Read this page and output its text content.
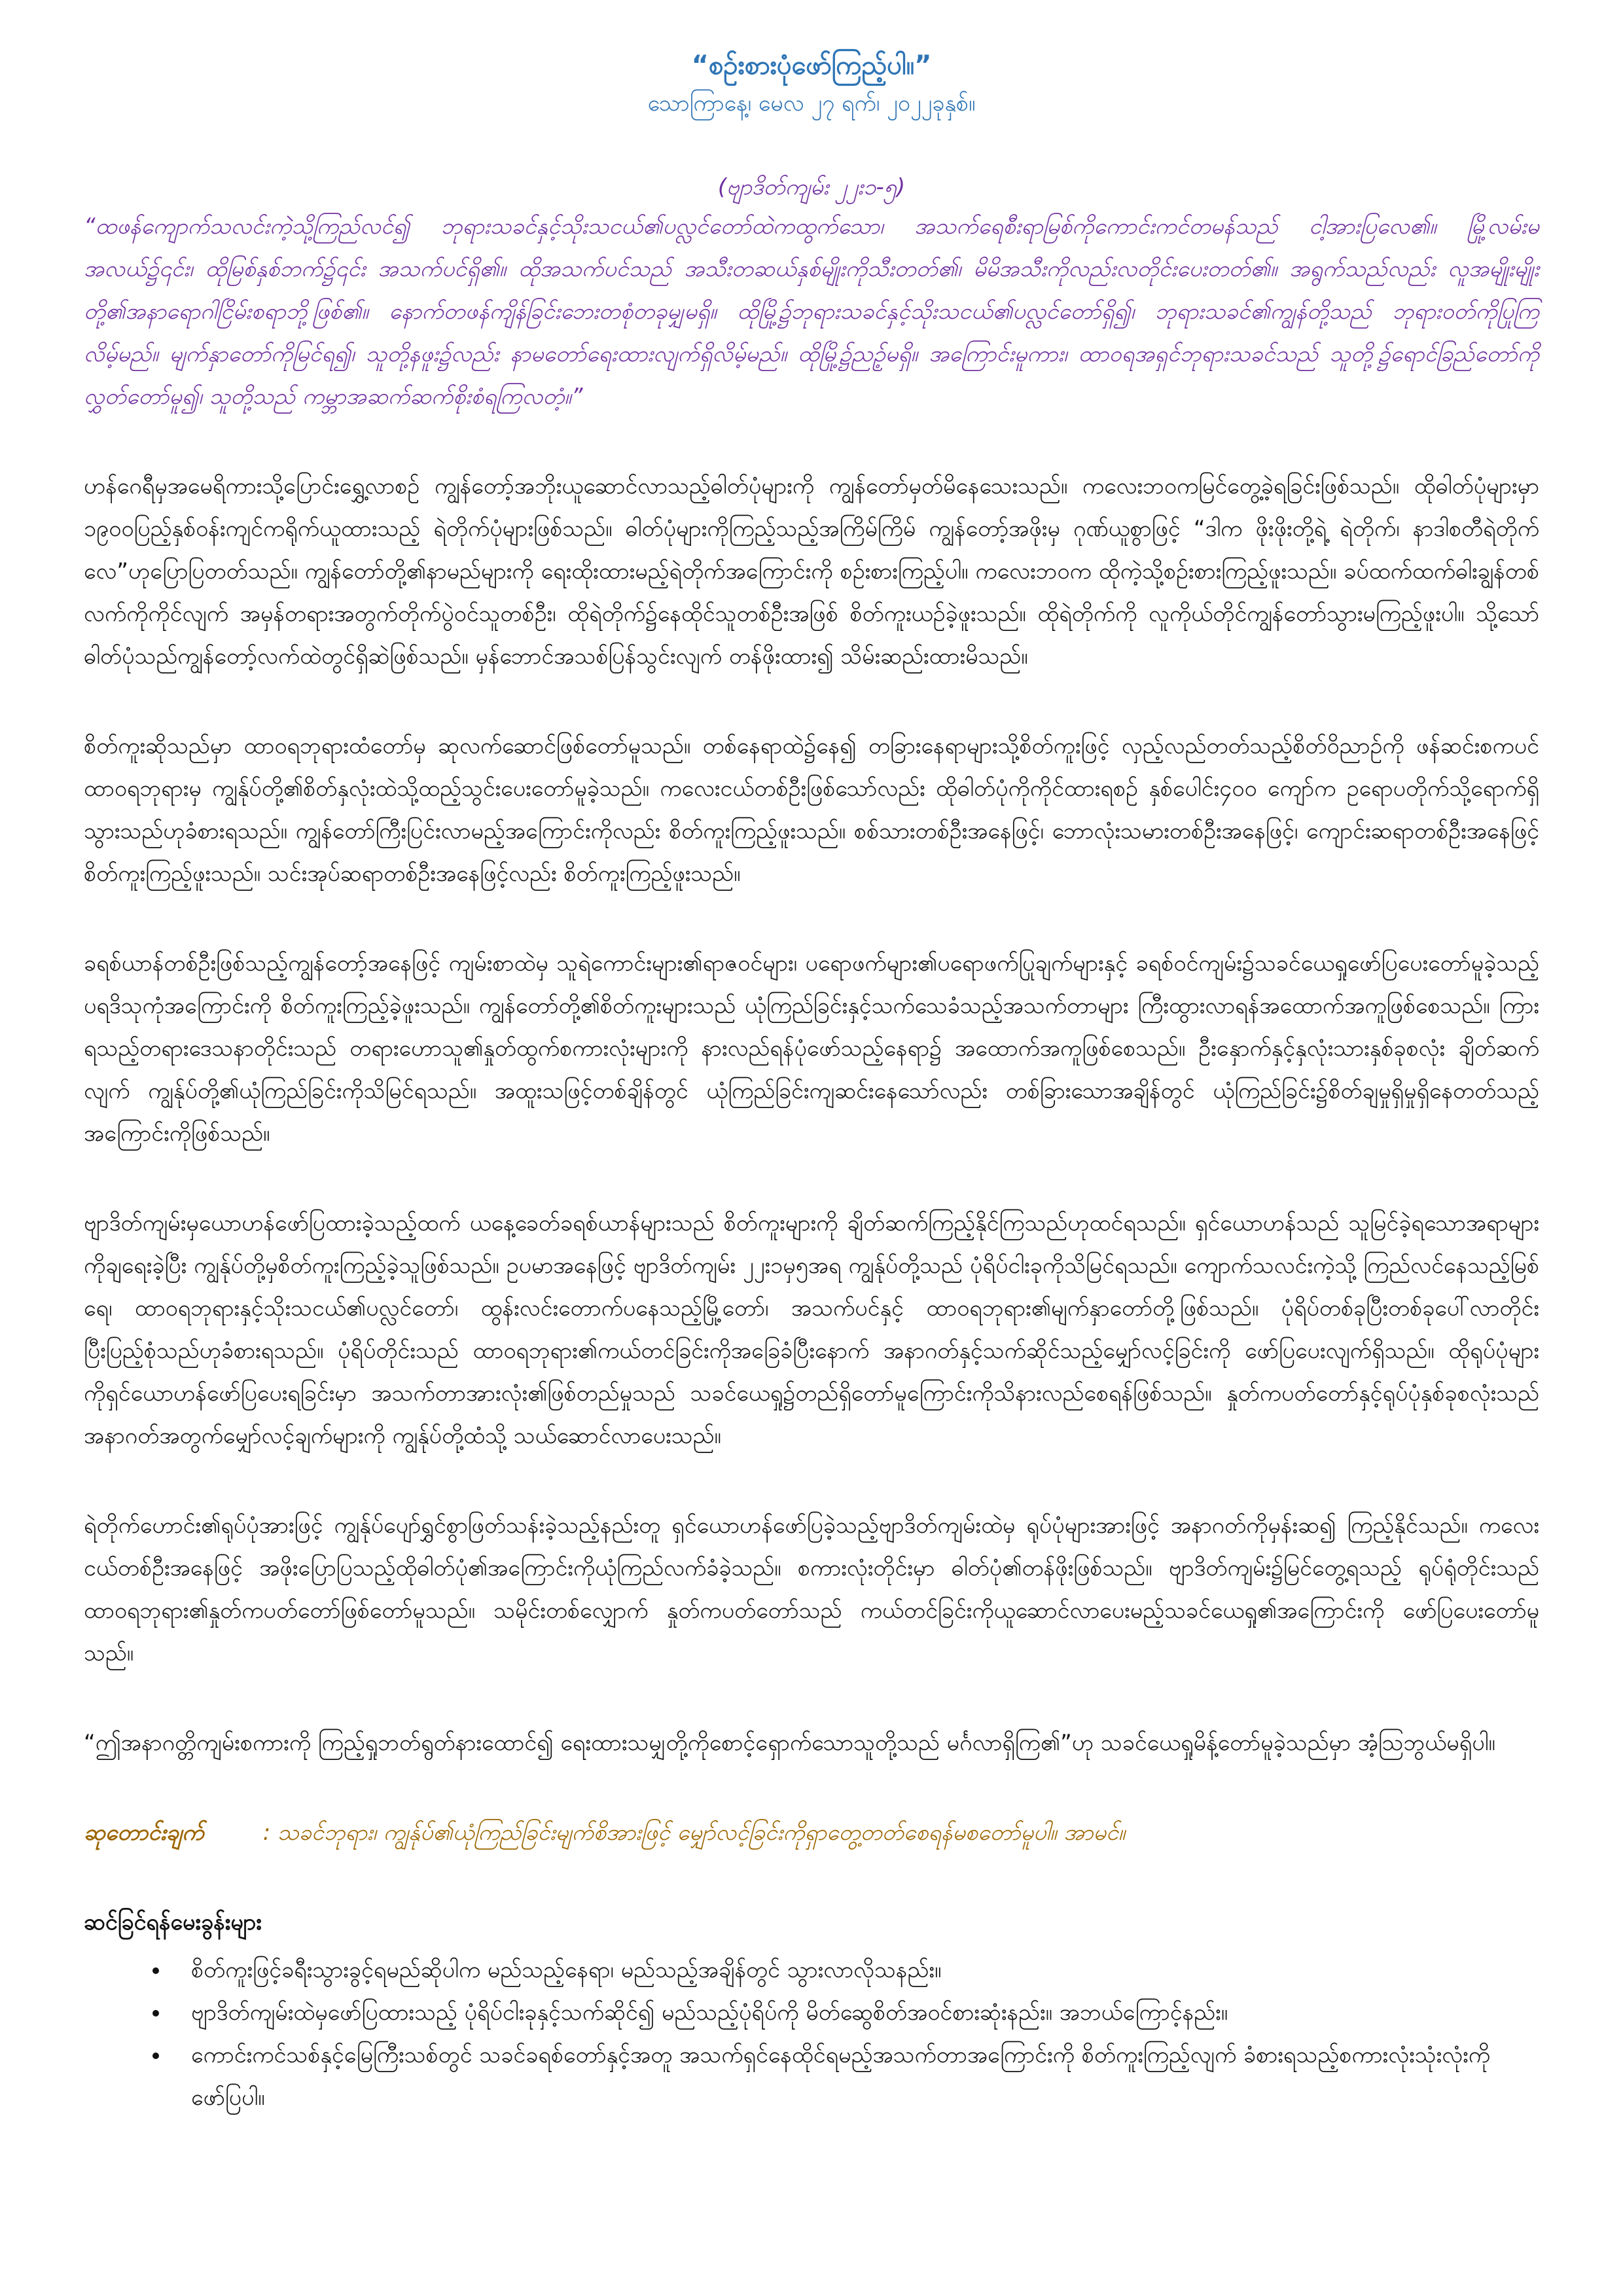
“စဉ်းစားပုံဖော်ကြည့်ပါ။”

သောကြာနေ့၊ မေလ ၂၇ ရက်၊ ၂၀၂၂ခုနှစ်။

(ဗျာဒိတ်ကျမ်း ၂၂း၁-၅)

“ထဖန်ကျောက်သလင်းကဲ့သို့ကြည်လင်၍ ဘုရားသခင်နှင့်သိုးသငယ်၏ပလ္လင်တော်ထဲကထွက်သော၊ အသက်ရေစီးရာမြစ်ကိုကောင်းကင်တမန်သည် ငါ့အားပြလေ၏။ မြို့လမ်းမအလယ်၌၎င်း၊ ထိုမြစ်နှစ်ဘက်၌၎င်း အသက်ပင်ရှိ၏။ ထိုအသက်ပင်သည် အသီးတဆယ်နှစ်မျိုးကိုသီးတတ်၏၊ မိမိအသီးကိုလည်းလတိုင်းပေးတတ်၏။ အရွက်သည်လည်း လူအမျိုးမျိုးတို့၏အနာရောဂါငြိမ်းစရာဘို့ဖြစ်၏။ နောက်တဖန်ကျိန်ခြင်းဘေးတစုံတခုမျှမရှိ။ ထိုမြို့၌ဘုရားသခင်နှင့်သိုးသငယ်၏ပလ္လင်တော်ရှိ၍၊ ဘုရားသခင်၏ကျွန်တို့သည် ဘုရားဝတ်ကိုပြုကြလိမ့်မည်။ မျက်နှာတော်ကိုမြင်ရ၍၊ သူတို့နဖူး၌လည်း နာမတော်ရေးထားလျက်ရှိလိမ့်မည်။ ထိုမြို့၌ညဉ့်မရှိ။ အကြောင်းမူကား၊ ထာဝရအရှင်ဘုရားသခင်သည် သူတို့၌ရောင်ခြည်တော်ကိုလွှတ်တော်မူ၍၊ သူတို့သည် ကမ္ဘာအဆက်ဆက်စိုးစံရကြလတံ့။”

ဟန်ဂေရီမှအမေရိကားသို့ပြောင်းရွှေ့လာစဉ် ကျွန်တော့်အဘိုးယူဆောင်လာသည့်ဓါတ်ပုံများကို ကျွန်တော်မှတ်မိနေသေးသည်။ ကလေးဘဝကမြင်တွေ့ခဲ့ရခြင်းဖြစ်သည်။ ထိုဓါတ်ပုံများမှာ ၁၉၀၀ပြည့်နှစ်ဝန်းကျင်ကရိုက်ယူထားသည့် ရဲတိုက်ပုံများဖြစ်သည်။ ဓါတ်ပုံများကိုကြည့်သည့်အကြိမ်ကြိမ် ကျွန်တော့်အဖိုးမှ ဂုဏ်ယူစွာဖြင့် “ဒါက ဖိုးဖိုးတို့ရဲ့ ရဲတိုက်၊ နာဒါစတီရဲတိုက်လေ”ဟုပြောပြတတ်သည်။ ကျွန်တော်တို့၏နာမည်များကို ရေးထိုးထားမည့်ရဲတိုက်အကြောင်းကို စဉ်းစားကြည့်ပါ။ ကလေးဘဝက ထိုကဲ့သို့စဉ်းစားကြည့်ဖူးသည်။ ခပ်ထက်ထက်ဓါးချွန်တစ်လက်ကိုကိုင်လျက် အမှန်တရားအတွက်တိုက်ပွဲဝင်သူတစ်ဦး၊ ထိုရဲတိုက်၌နေထိုင်သူတစ်ဦးအဖြစ် စိတ်ကူးယဉ်ခဲ့ဖူးသည်။ ထိုရဲတိုက်ကို လူကိုယ်တိုင်ကျွန်တော်သွားမကြည့်ဖူးပါ။ သို့သော်ဓါတ်ပုံသည်ကျွန်တော့်လက်ထဲတွင်ရှိဆဲဖြစ်သည်။ မှန်ဘောင်အသစ်ပြန်သွင်းလျက် တန်ဖိုးထား၍ သိမ်းဆည်းထားမိသည်။

စိတ်ကူးဆိုသည်မှာ ထာဝရဘုရားထံတော်မှ ဆုလက်ဆောင်ဖြစ်တော်မူသည်။ တစ်နေရာထဲ၌နေ၍ တခြားနေရာများသို့စိတ်ကူးဖြင့် လှည့်လည်တတ်သည့်စိတ်ဝိညာဉ်ကို ဖန်ဆင်းစကပင် ထာဝရဘုရားမှ ကျွန်ုပ်တို့၏စိတ်နှလုံးထဲသို့ထည့်သွင်းပေးတော်မူခဲ့သည်။ ကလေးငယ်တစ်ဦးဖြစ်သော်လည်း ထိုဓါတ်ပုံကိုကိုင်ထားရစဉ် နှစ်ပေါင်း၄၀၀ ကျော်က ဥရောပတိုက်သို့ရောက်ရှိသွားသည်ဟုခံစားရသည်။ ကျွန်တော်ကြီးပြင်းလာမည့်အကြောင်းကိုလည်း စိတ်ကူးကြည့်ဖူးသည်။ စစ်သားတစ်ဦးအနေဖြင့်၊ ဘောလုံးသမားတစ်ဦးအနေဖြင့်၊ ကျောင်းဆရာတစ်ဦးအနေဖြင့်စိတ်ကူးကြည့်ဖူးသည်။ သင်းအုပ်ဆရာတစ်ဦးအနေဖြင့်လည်း စိတ်ကူးကြည့်ဖူးသည်။

ခရစ်ယာန်တစ်ဦးဖြစ်သည့်ကျွန်တော့်အနေဖြင့် ကျမ်းစာထဲမှ သူရဲကောင်းများ၏ရာဇဝင်များ၊ ပရောဖက်များ၏ပရောဖက်ပြုချက်များနှင့် ခရစ်ဝင်ကျမ်း၌သခင်ယေရှုဖော်ပြပေးတော်မူခဲ့သည့် ပရဒိသုကုံအကြောင်းကို စိတ်ကူးကြည့်ခဲ့ဖူးသည်။ ကျွန်တော်တို့၏စိတ်ကူးများသည် ယုံကြည်ခြင်းနှင့်သက်သေခံသည့်အသက်တာများ ကြီးထွားလာရန်အထောက်အကူဖြစ်စေသည်။ ကြားရသည့်တရားဒေသနာတိုင်းသည် တရားဟောသူ၏နှုတ်ထွက်စကားလုံးများကို နားလည်ရန်ပုံဖော်သည့်နေရာ၌ အထောက်အကူဖြစ်စေသည်။ ဦးနှောက်နှင့်နှလုံးသားနှစ်ခုစလုံး ချိတ်ဆက်လျက် ကျွန်ုပ်တို့၏ယုံကြည်ခြင်းကိုသိမြင်ရသည်။ အထူးသဖြင့်တစ်ချိန်တွင် ယုံကြည်ခြင်းကျဆင်းနေသော်လည်း တစ်ခြားသောအချိန်တွင် ယုံကြည်ခြင်း၌စိတ်ချမှုရှိမှုရှိနေတတ်သည့်အကြောင်းကိုဖြစ်သည်။

ဗျာဒိတ်ကျမ်းမှယောဟန်ဖော်ပြထားခဲ့သည့်ထက် ယနေ့ခေတ်ခရစ်ယာန်များသည် စိတ်ကူးများကို ချိတ်ဆက်ကြည့်နိုင်ကြသည်ဟုထင်ရသည်။ ရှင်ယောဟန်သည် သူမြင်ခဲ့ရသောအရာများကိုချရေးခဲ့ပြီး ကျွန်ုပ်တို့မှစိတ်ကူးကြည့်ခဲ့သူဖြစ်သည်။ ဥပမာအနေဖြင့် ဗျာဒိတ်ကျမ်း ၂၂း၁မှ၅အရ ကျွန်ုပ်တို့သည် ပုံရိပ်ငါးခုကိုသိမြင်ရသည်။ ကျောက်သလင်းကဲ့သို့ ကြည်လင်နေသည့်မြစ်ရေ၊ ထာဝရဘုရားနှင့်သိုးသငယ်၏ပလ္လင်တော်၊ ထွန်းလင်းတောက်ပနေသည့်မြို့တော်၊ အသက်ပင်နှင့် ထာဝရဘုရား၏မျက်နှာတော်တို့ဖြစ်သည်။ ပုံရိပ်တစ်ခုပြီးတစ်ခုပေါ်လာတိုင်း ပြီးပြည့်စုံသည်ဟုခံစားရသည်။ ပုံရိပ်တိုင်းသည် ထာဝရဘုရား၏ကယ်တင်ခြင်းကိုအခြေခံပြီးနောက် အနာဂတ်နှင့်သက်ဆိုင်သည့်မျှော်လင့်ခြင်းကို ဖော်ပြပေးလျက်ရှိသည်။ ထိုရုပ်ပုံများကိုရှင်ယောဟန်ဖော်ပြပေးရခြင်းမှာ အသက်တာအားလုံး၏ဖြစ်တည်မှုသည် သခင်ယေရှု၌တည်ရှိတော်မူကြောင်းကိုသိနားလည်စေရန်ဖြစ်သည်။ နှုတ်ကပတ်တော်နှင့်ရုပ်ပုံနှစ်ခုစလုံးသည် အနာဂတ်အတွက်မျှော်လင့်ချက်များကို ကျွန်ုပ်တို့ထံသို့ သယ်ဆောင်လာပေးသည်။

ရဲတိုက်ဟောင်း၏ရုပ်ပုံအားဖြင့် ကျွန်ုပ်ပျော်ရွှင်စွာဖြတ်သန်းခဲ့သည့်နည်းတူ ရှင်ယောဟန်ဖော်ပြခဲ့သည့်ဗျာဒိတ်ကျမ်းထဲမှ ရုပ်ပုံများအားဖြင့် အနာဂတ်ကိုမှန်းဆ၍ ကြည့်နိုင်သည်။ ကလေးငယ်တစ်ဦးအနေဖြင့် အဖိုးပြောပြသည့်ထိုဓါတ်ပုံ၏အကြောင်းကိုယုံကြည်လက်ခံခဲ့သည်။ စကားလုံးတိုင်းမှာ ဓါတ်ပုံ၏တန်ဖိုးဖြစ်သည်။ ဗျာဒိတ်ကျမ်း၌မြင်တွေ့ရသည့် ရုပ်ရုံတိုင်းသည် ထာဝရဘုရား၏နှုတ်ကပတ်တော်ဖြစ်တော်မူသည်။ သမိုင်းတစ်လျှောက် နှုတ်ကပတ်တော်သည် ကယ်တင်ခြင်းကိုယူဆောင်လာပေးမည့်သခင်ယေရှု၏အကြောင်းကို ဖော်ပြပေးတော်မူသည်။

“ဤအနာဂတ္တိကျမ်းစကားကို ကြည့်ရှုဘတ်ရွတ်နားထောင်၍ ရေးထားသမျှတို့ကိုစောင့်ရှောက်သောသူတို့သည် မင်္ဂလာရှိကြ၏”ဟု သခင်ယေရှုမိန့်တော်မူခဲ့သည်မှာ အံ့သြဘွယ်မရှိပါ။

ဆုတောင်းချက်	: သခင်ဘုရား၊ ကျွန်ုပ်၏ယုံကြည်ခြင်းမျက်စိအားဖြင့် မျှော်လင့်ခြင်းကိုရှာတွေ့တတ်စေရန်မစတော်မူပါ။ အာမင်။

ဆင်ခြင်ရန်မေးခွန်းများ

• စိတ်ကူးဖြင့်ခရီးသွားခွင့်ရမည်ဆိုပါက မည်သည့်နေရာ၊ မည်သည့်အချိန်တွင် သွားလာလိုသနည်း။
• ဗျာဒိတ်ကျမ်းထဲမှဖော်ပြထားသည့် ပုံရိပ်ငါးခုနှင့်သက်ဆိုင်၍ မည်သည့်ပုံရိပ်ကို မိတ်ဆွေစိတ်အဝင်စားဆုံးနည်း။ အဘယ်ကြောင့်နည်း။
• ကောင်းကင်သစ်နှင့်မြေကြီးသစ်တွင် သခင်ခရစ်တော်နှင့်အတူ အသက်ရှင်နေထိုင်ရမည့်အသက်တာအကြောင်းကို စိတ်ကူးကြည့်လျက် ခံစားရသည့်စကားလုံးသုံးလုံးကိုဖော်ပြပါ။
